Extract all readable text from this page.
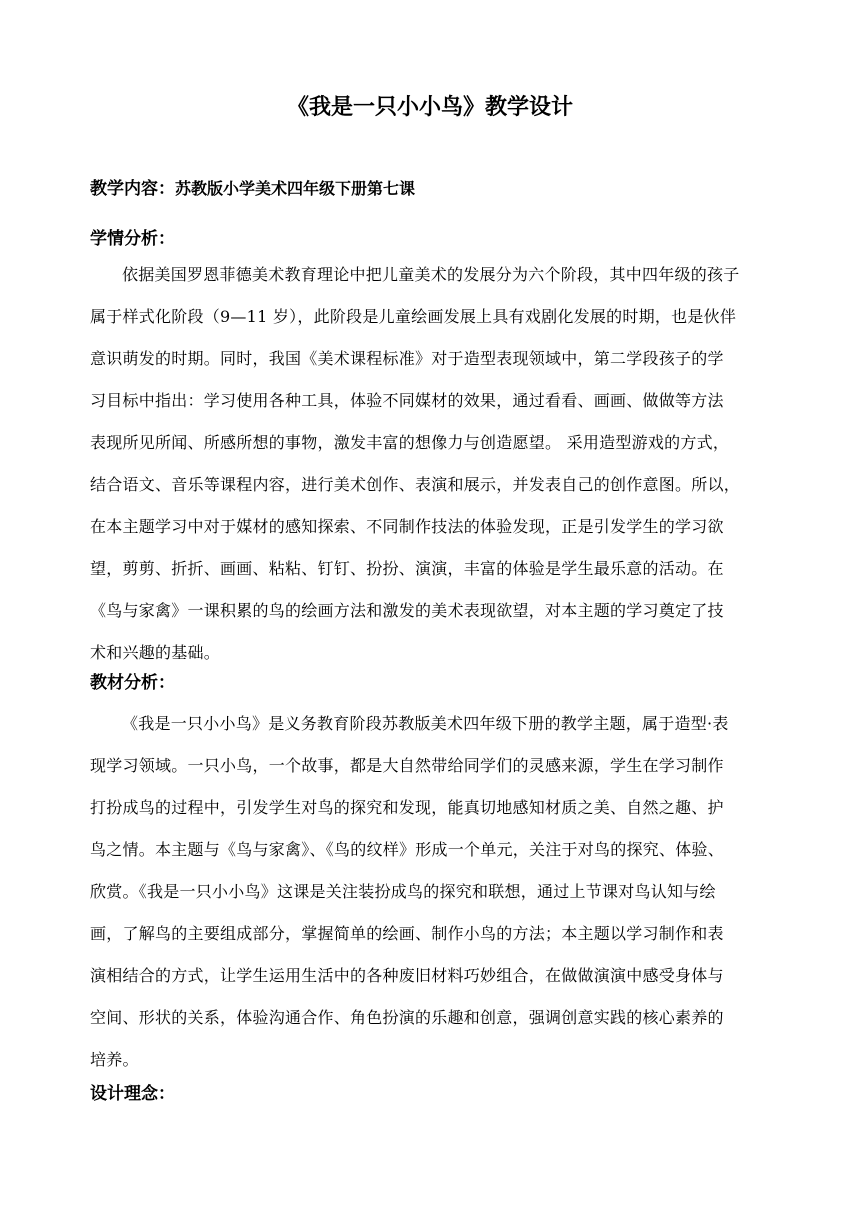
《我是一只小小鸟》教学设计
教学内容：苏教版小学美术四年级下册第七课
学情分析：
依据美国罗恩菲德美术教育理论中把儿童美术的发展分为六个阶段，其中四年级的孩子
属于样式化阶段（9—11 岁），此阶段是儿童绘画发展上具有戏剧化发展的时期，也是伙伴
意识萌发的时期。同时，我国《美术课程标准》对于造型表现领域中，第二学段孩子的学
习目标中指出：学习使用各种工具，体验不同媒材的效果，通过看看、画画、做做等方法
表现所见所闻、所感所想的事物，激发丰富的想像力与创造愿望。 采用造型游戏的方式，
结合语文、音乐等课程内容，进行美术创作、表演和展示，并发表自己的创作意图。所以，
在本主题学习中对于媒材的感知探索、不同制作技法的体验发现，正是引发学生的学习欲
望，剪剪、折折、画画、粘粘、钉钉、扮扮、演演，丰富的体验是学生最乐意的活动。在
《鸟与家禽》一课积累的鸟的绘画方法和激发的美术表现欲望，对本主题的学习奠定了技
术和兴趣的基础。
教材分析：
《我是一只小小鸟》是义务教育阶段苏教版美术四年级下册的教学主题，属于造型·表
现学习领域。一只小鸟，一个故事，都是大自然带给同学们的灵感来源，学生在学习制作
打扮成鸟的过程中，引发学生对鸟的探究和发现，能真切地感知材质之美、自然之趣、护
鸟之情。本主题与《鸟与家禽》、《鸟的纹样》形成一个单元，关注于对鸟的探究、体验、
欣赏。《我是一只小小鸟》这课是关注装扮成鸟的探究和联想，通过上节课对鸟认知与绘
画，了解鸟的主要组成部分，掌握简单的绘画、制作小鸟的方法；本主题以学习制作和表
演相结合的方式，让学生运用生活中的各种废旧材料巧妙组合，在做做演演中感受身体与
空间、形状的关系，体验沟通合作、角色扮演的乐趣和创意，强调创意实践的核心素养的
培养。
设计理念：
